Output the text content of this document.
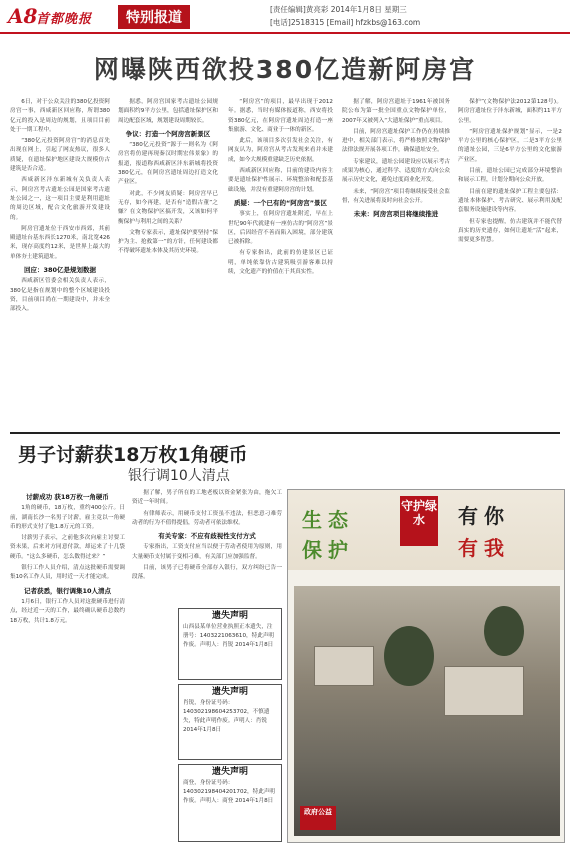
A8
首都晚报	特别报道
[责任编辑]黄亮彩 2014年1月8日 星期三
[电话]2518315 [Email] hfzkbs@163.com
网曝陕西欲投380亿造新阿房宫

6日，对于公众关注的380亿投资阿房宫一事，西咸新区回应称，所谓380亿元的投入是周边的规划，且项目目前处于一期工程中。

“380亿元投资阿房宫”的消息首先出现在网上，引起了网友热议，很多人质疑，在遗址保护地区建设大规模仿古建筑是否合适。

西咸新区沣东新城有关负责人表示，阿房宫考古遗址公园是国家考古遗址公园之一，这一项目主要是利用遗址的周边区域，配合文化旅游开发建设的。

阿房宫遗址位于西安市西郊，其前殿遗址台基东西长1270米，南北宽426米，现存高度约12米，是世界上最大的单体夯土建筑遗址。

回应：380亿是规划数据

西咸新区管委会相关负责人表示，380亿是指在规划中的整个区域建设投资，目前项目尚在一期建设中，并未全部投入。

据悉，阿房宫国家考古遗址公园规划面积约9平方公里，包括遗址保护区和周边配套区域，规划建设周期较长。

争议：打造一个阿房宫新景区

“380亿元投资”源于一则名为《阿房宫将仿建再现秦汉时期宏伟景象》的报道，报道称西咸新区沣东新城将投资380亿元，在阿房宫遗址周边打造文化产业区。

对此，不少网友质疑：阿房宫早已无存，如今再建，是否有“造假古董”之嫌？在文物保护区搞开发，又该如何平衡保护与利用之间的关系？

文物专家表示，遗址保护要坚持“保护为主、抢救第一”的方针，任何建设都不得破坏遗址本体及其历史环境。

“阿房宫”的项目，最早出现于2012年。据悉，当时有媒体报道称，西安将投资380亿元，在阿房宫遗址周边打造一座集旅游、文化、商业于一体的新区。

此后，该项目多次引发社会关注，有网友认为，阿房宫从考古发现来看并未建成，如今大规模重建缺乏历史依据。

西咸新区回应称，目前的建设内容主要是遗址保护性展示、环境整治和配套基础设施，并没有重建阿房宫的计划。

质疑：一个已有的“阿房宫”景区

事实上，在阿房宫遗址附近，早在上世纪90年代就建有一座仿古的“阿房宫”景区，后因经营不善而陷入困境，部分建筑已被拆除。

有专家指出，此前的仿建景区已证明，单纯依靠仿古建筑吸引游客难以持续，文化遗产的价值在于其真实性。

据了解，阿房宫遗址于1961年被国务院公布为第一批全国重点文物保护单位，2007年又被列入“大遗址保护”重点项目。

目前，阿房宫遗址保护工作仍在持续推进中，相关部门表示，将严格按照文物保护法律法规开展各项工作，确保遗址安全。

专家建议，遗址公园建设应以展示考古成果为核心，通过科学、适度的方式向公众展示历史文化，避免过度商业化开发。

未来，“阿房宫”项目将继续接受社会监督，有关进展将及时向社会公开。

未来：阿房宫项目将继续推进

保护”(文物保护法2012第128号)。阿房宫遗址位于沣东新城，面积约11平方公里。

“阿房宫遗址保护规划”显示，一是2平方公里的核心保护区，二是3平方公里的遗址公园，三是6平方公里的文化旅游产业区。

目前，遗址公园已完成部分环境整治和展示工程，计划分期向公众开放。

目前在建的遗址保护工程主要包括：遗址本体保护、考古研究、展示利用及配套服务设施建设等内容。

但专家也提醒，仿古建筑并不能代替真实的历史遗存，如何让遗址“活”起来，需要更多智慧。

男子讨薪获18万枚1角硬币
银行调10人清点

讨薪成功 获18万枚一角硬币

1角的硬币，18万枚，重约400公斤。日前，湖南长沙一名男子讨薪，雇主竟以一角硬币的形式支付了他1.8万元的工资。

讨薪男子表示，之前他多次向雇主讨要工资未果，后来对方同意付款，却运来了十几袋硬币。“这么多硬币，怎么数得过来？”

银行工作人员介绍，清点这批硬币需要调集10名工作人员，用时近一天才能完成。

记者获悉，银行调集10人清点

1月6日，银行工作人员对这批硬币进行清点，经过近一天的工作，最终确认硬币总数约18万枚，共计1.8万元。

据了解，男子所在的工地老板以资金紧张为由，拖欠工资近一年时间。

有律师表示，用硬币支付工资虽不违法，但恶意刁难劳动者的行为不值得提倡，劳动者可依法维权。

有关专家：不应有歧视性支付方式

专家指出，工资支付应当以便于劳动者使用为原则，用大量硬币支付属于变相刁难，有关部门应加强监督。

目前，该男子已将硬币全部存入银行，双方纠纷已告一段落。

遗失声明
山西县某单位营业执照正本遗失，注册号：1403221063610，特此声明作废。声明人：肖锐 2014年1月8日
遗失声明
肖锐，身份证号码：140302198604253702，不慎遗失，特此声明作废。声明人：肖锐 2014年1月8日
遗失声明
商登，身份证号码：140302198404201702，特此声明作废。声明人：商登 2014年1月8日
生态
保护
守护绿水	有你
有我
政府公益
